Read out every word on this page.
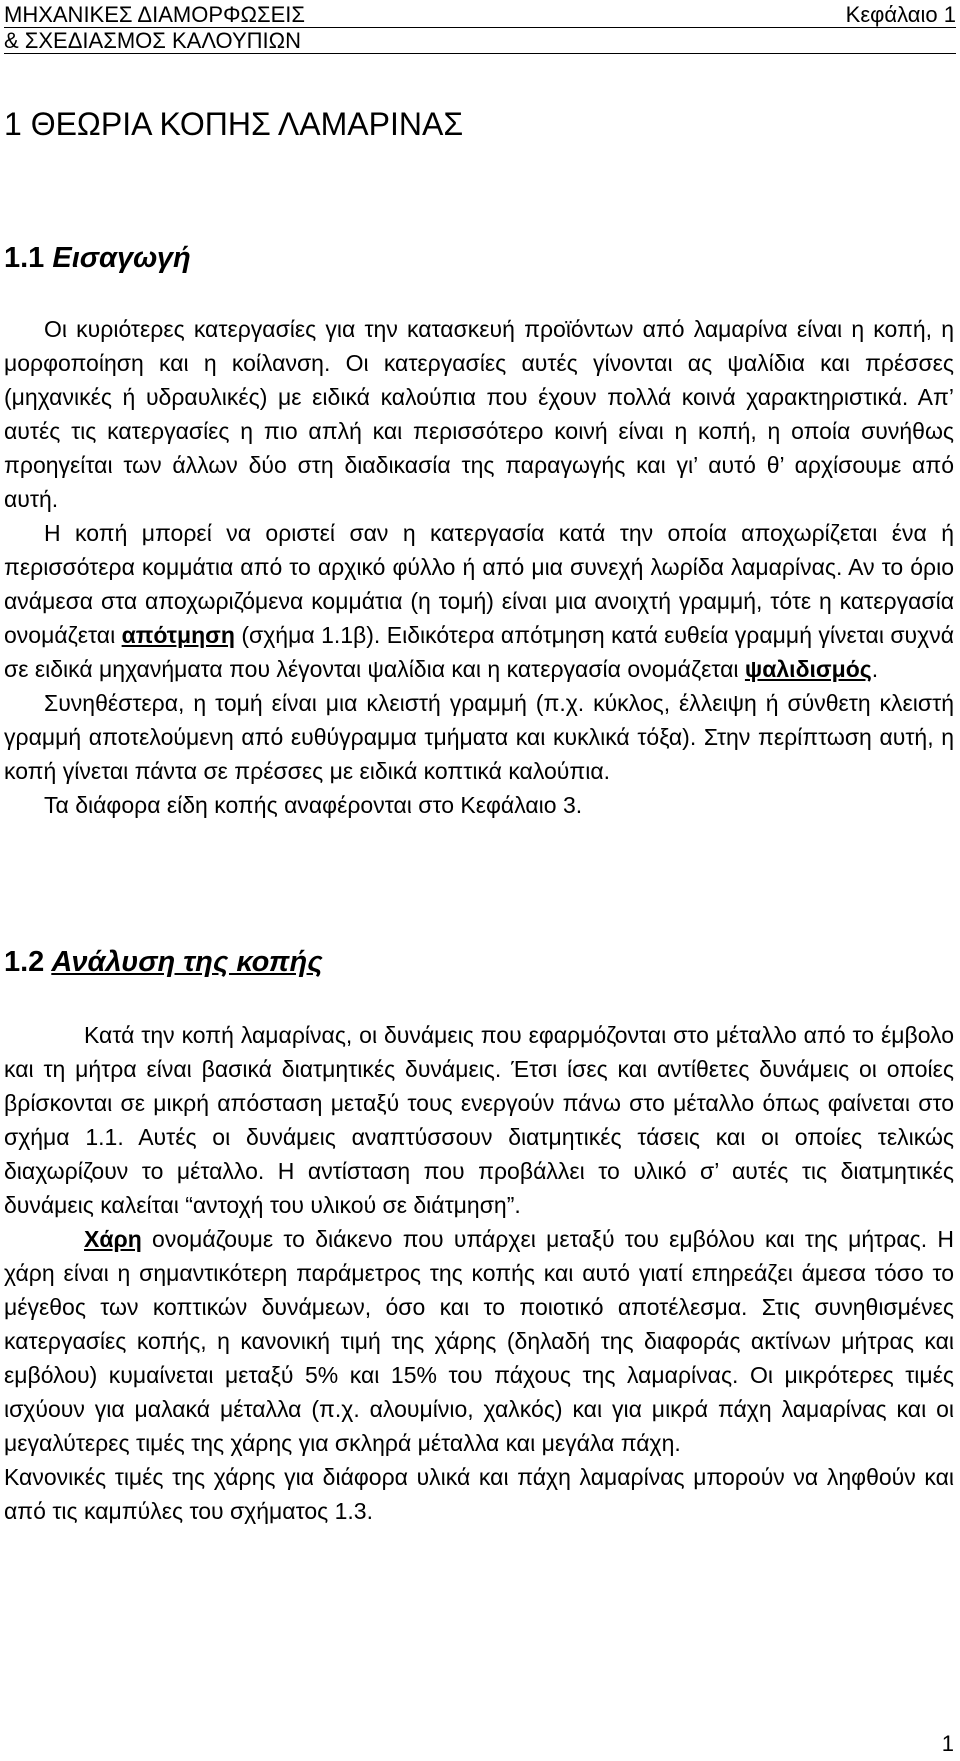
ΜΗΧΑΝΙΚΕΣ ΔΙΑΜΟΡΦΩΣΕΙΣ
& ΣΧΕΔΙΑΣΜΟΣ ΚΑΛΟΥΠΙΩΝ
Κεφάλαιο 1
1 ΘΕΩΡΙΑ ΚΟΠΗΣ ΛΑΜΑΡΙΝΑΣ
1.1 Εισαγωγή

Οι κυριότερες κατεργασίες για την κατασκευή προϊόντων από λαμαρίνα είναι η κοπή, η μορφοποίηση και η κοίλανση. Οι κατεργασίες αυτές γίνονται ας ψαλίδια και πρέσσες (μηχανικές ή υδραυλικές) με ειδικά καλούπια που έχουν πολλά κοινά χαρακτηριστικά. Απ’ αυτές τις κατεργασίες η πιο απλή και περισσότερο κοινή είναι η κοπή, η οποία συνήθως προηγείται των άλλων δύο στη διαδικασία της παραγωγής και γι’ αυτό θ’ αρχίσουμε από αυτή.

Η κοπή μπορεί να οριστεί σαν η κατεργασία κατά την οποία αποχωρίζεται ένα ή περισσότερα κομμάτια από το αρχικό φύλλο ή από μια συνεχή λωρίδα λαμαρίνας. Αν το όριο ανάμεσα στα αποχωριζόμενα κομμάτια (η τομή) είναι μια ανοιχτή γραμμή, τότε η κατεργασία ονομάζεται απότμηση (σχήμα 1.1β). Ειδικότερα απότμηση κατά ευθεία γραμμή γίνεται συχνά σε ειδικά μηχανήματα που λέγονται ψαλίδια και η κατεργασία ονομάζεται ψαλιδισμός.

Συνηθέστερα, η τομή είναι μια κλειστή γραμμή (π.χ. κύκλος, έλλειψη ή σύνθετη κλειστή γραμμή αποτελούμενη από ευθύγραμμα τμήματα και κυκλικά τόξα). Στην περίπτωση αυτή, η κοπή γίνεται πάντα σε πρέσσες με ειδικά κοπτικά καλούπια.

Τα διάφορα είδη κοπής αναφέρονται στο Κεφάλαιο 3.

1.2 Ανάλυση της κοπής

Κατά την κοπή λαμαρίνας, οι δυνάμεις που εφαρμόζονται στο μέταλλο από το έμβολο και τη μήτρα είναι βασικά διατμητικές δυνάμεις. Έτσι ίσες και αντίθετες δυνάμεις οι οποίες βρίσκονται σε μικρή απόσταση μεταξύ τους ενεργούν πάνω στο μέταλλο όπως φαίνεται στο σχήμα 1.1. Αυτές οι δυνάμεις αναπτύσσουν διατμητικές τάσεις και οι οποίες τελικώς διαχωρίζουν το μέταλλο. Η αντίσταση που προβάλλει το υλικό σ’ αυτές τις διατμητικές δυνάμεις καλείται “αντοχή του υλικού σε διάτμηση”.

Χάρη ονομάζουμε το διάκενο που υπάρχει μεταξύ του εμβόλου και της μήτρας. Η χάρη είναι η σημαντικότερη παράμετρος της κοπής και αυτό γιατί επηρεάζει άμεσα τόσο το μέγεθος των κοπτικών δυνάμεων, όσο και το ποιοτικό αποτέλεσμα. Στις συνηθισμένες κατεργασίες κοπής, η κανονική τιμή της χάρης (δηλαδή της διαφοράς ακτίνων μήτρας και εμβόλου) κυμαίνεται μεταξύ 5% και 15% του πάχους της λαμαρίνας. Οι μικρότερες τιμές ισχύουν για μαλακά μέταλλα (π.χ. αλουμίνιο, χαλκός) και για μικρά πάχη λαμαρίνας και οι μεγαλύτερες τιμές της χάρης για σκληρά μέταλλα και μεγάλα πάχη.

Κανονικές τιμές της χάρης για διάφορα υλικά και πάχη λαμαρίνας μπορούν να ληφθούν και από τις καμπύλες του σχήματος 1.3.

1
